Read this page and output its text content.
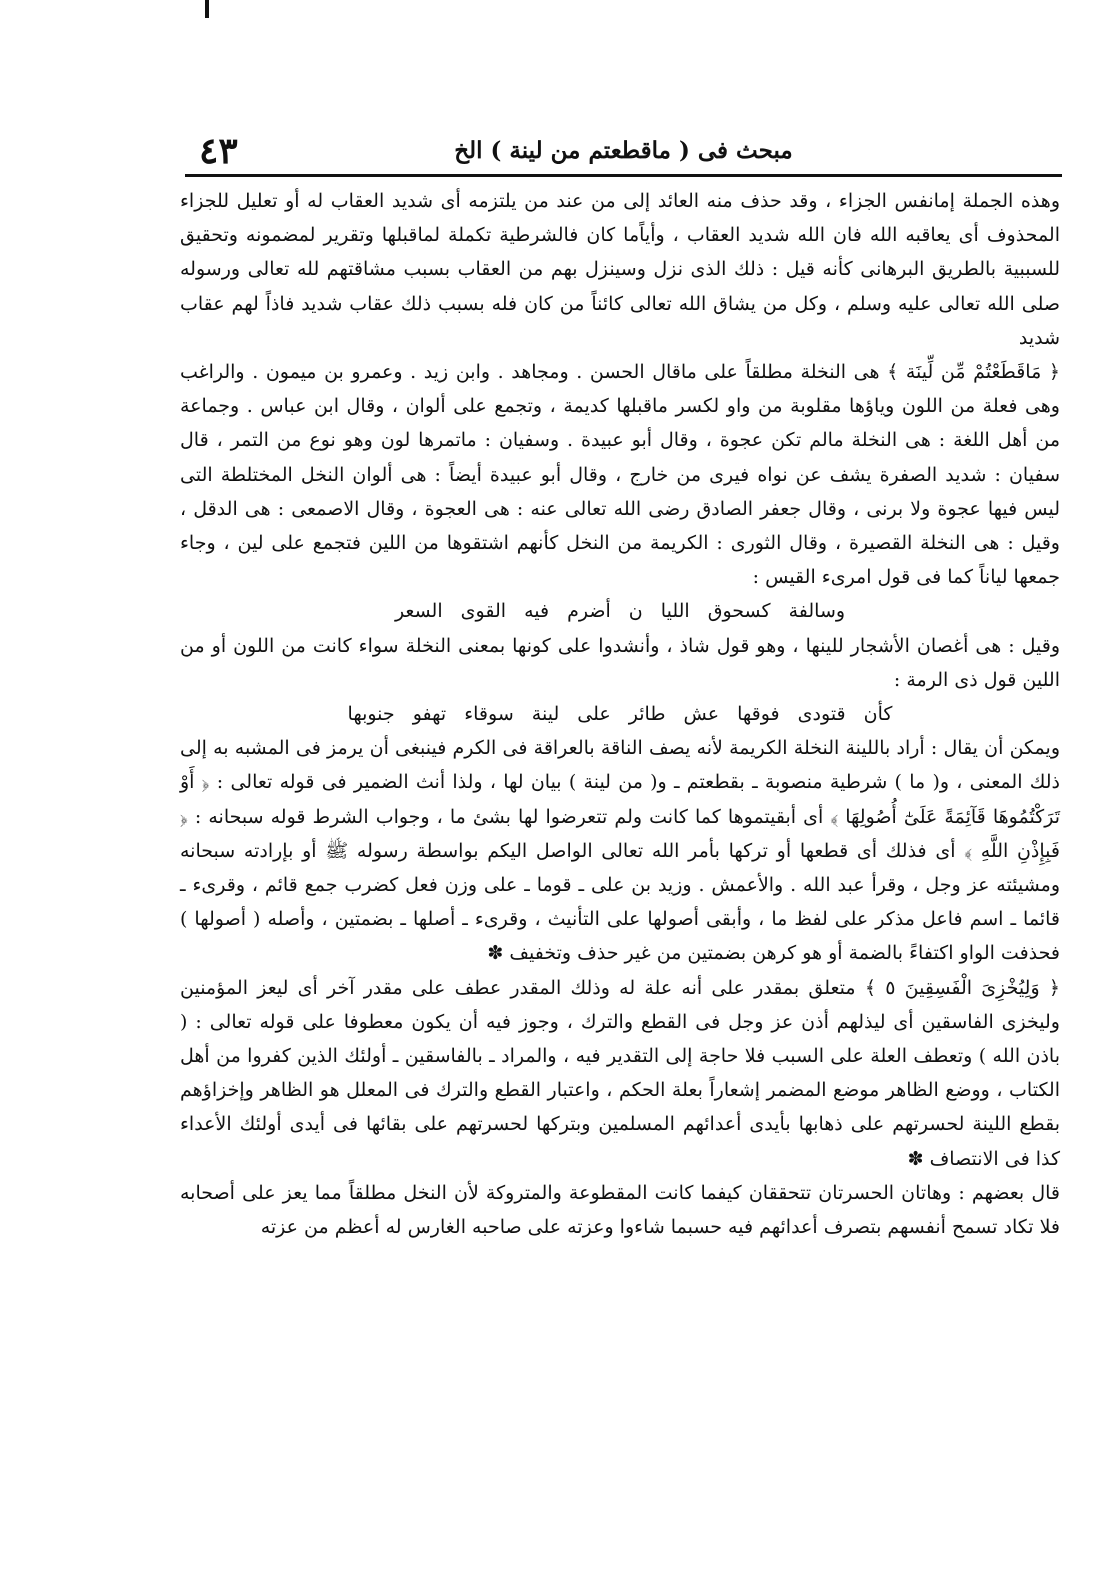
٤٣	مبحث فى ( ماقطعتم من لينة ) الخ

وهذه الجملة إمانفس الجزاء ، وقد حذف منه العائد إلى من عند من يلتزمه أى شديد العقاب له أو تعليل للجزاء المحذوف أى يعاقبه الله فان الله شديد العقاب ، وأياًما كان فالشرطية تكملة لماقبلها وتقرير لمضمونه وتحقيق للسببية بالطريق البرهانى كأنه قيل : ذلك الذى نزل وسينزل بهم من العقاب بسبب مشاقتهم لله تعالى ورسوله صلى الله تعالى عليه وسلم ، وكل من يشاق الله تعالى كائناً من كان فله بسبب ذلك عقاب شديد فاذاً لهم عقاب شديد

﴿ مَاقَطَعْتُمْ مِّن لِّينَة ﴾ هى النخلة مطلقاً على ماقال الحسن . ومجاهد . وابن زيد . وعمرو بن ميمون . والراغب وهى فعلة من اللون وياؤها مقلوبة من واو لكسر ماقبلها كديمة ، وتجمع على ألوان ، وقال ابن عباس . وجماعة من أهل اللغة : هى النخلة مالم تكن عجوة ، وقال أبو عبيدة . وسفيان : ماتمرها لون وهو نوع من التمر ، قال سفيان : شديد الصفرة يشف عن نواه فيرى من خارج ، وقال أبو عبيدة أيضاً : هى ألوان النخل المختلطة التى ليس فيها عجوة ولا برنى ، وقال جعفر الصادق رضى الله تعالى عنه : هى العجوة ، وقال الاصمعى : هى الدقل ، وقيل : هى النخلة القصيرة ، وقال الثورى : الكريمة من النخل كأنهم اشتقوها من اللين فتجمع على لين ، وجاء جمعها لياناً كما فى قول امرىء القيس :

وسالفة كسحوق الليا ن أضرم فيه القوى السعر

وقيل : هى أغصان الأشجار للينها ، وهو قول شاذ ، وأنشدوا على كونها بمعنى النخلة سواء كانت من اللون أو من اللين قول ذى الرمة :

كأن قتودى فوقها عش طائر على لينة سوقاء تهفو جنوبها

ويمكن أن يقال : أراد باللينة النخلة الكريمة لأنه يصف الناقة بالعراقة فى الكرم فينبغى أن يرمز فى المشبه به إلى ذلك المعنى ، و( ما ) شرطية منصوبة ـ بقطعتم ـ و( من لينة ) بيان لها ، ولذا أنث الضمير فى قوله تعالى : ﴿ أَوْ تَرَكْتُمُوهَا قَآئِمَةً عَلَىٰٓ أُصُولِهَا ﴾ أى أبقيتموها كما كانت ولم تتعرضوا لها بشئ ما ، وجواب الشرط قوله سبحانه : ﴿ فَبِإِذْنِ اللَّهِ ﴾ أى فذلك أى قطعها أو تركها بأمر الله تعالى الواصل اليكم بواسطة رسوله ﷺ أو بإرادته سبحانه ومشيئته عز وجل ، وقرأ عبد الله . والأعمش . وزيد بن على ـ قوما ـ على وزن فعل كضرب جمع قائم ، وقرىء ـ قائما ـ اسم فاعل مذكر على لفظ ما ، وأبقى أصولها على التأنيث ، وقرىء ـ أصلها ـ بضمتين ، وأصله ( أصولها ) فحذفت الواو اكتفاءً بالضمة أو هو كرهن بضمتين من غير حذف وتخفيف ✽

﴿ وَلِيُخْزِىَ الْفَسِقِينَ ٥ ﴾ متعلق بمقدر على أنه علة له وذلك المقدر عطف على مقدر آخر أى ليعز المؤمنين وليخزى الفاسقين أى ليذلهم أذن عز وجل فى القطع والترك ، وجوز فيه أن يكون معطوفا على قوله تعالى : ( باذن الله ) وتعطف العلة على السبب فلا حاجة إلى التقدير فيه ، والمراد ـ بالفاسقين ـ أولئك الذين كفروا من أهل الكتاب ، ووضع الظاهر موضع المضمر إشعاراً بعلة الحكم ، واعتبار القطع والترك فى المعلل هو الظاهر وإخزاؤهم بقطع اللينة لحسرتهم على ذهابها بأيدى أعدائهم المسلمين وبتركها لحسرتهم على بقائها فى أيدى أولئك الأعداء كذا فى الانتصاف ✽

قال بعضهم : وهاتان الحسرتان تتحققان كيفما كانت المقطوعة والمتروكة لأن النخل مطلقاً مما يعز على أصحابه فلا تكاد تسمح أنفسهم بتصرف أعدائهم فيه حسبما شاءوا وعزته على صاحبه الغارس له أعظم من عزته
